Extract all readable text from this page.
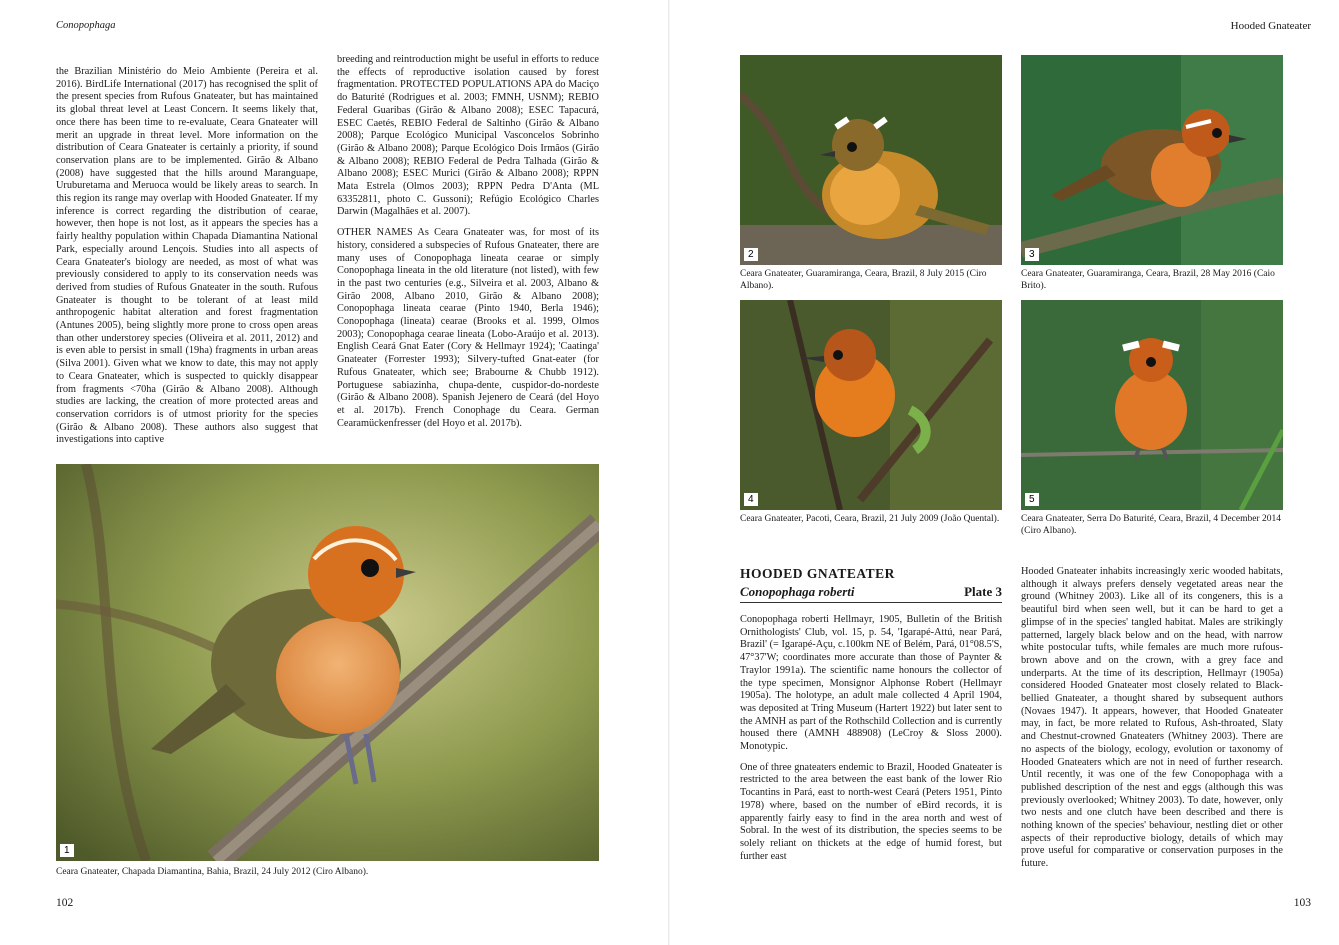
Conopophaga

the Brazilian Ministério do Meio Ambiente (Pereira et al. 2016). BirdLife International (2017) has recognised the split of the present species from Rufous Gnateater, but has maintained its global threat level at Least Concern. It seems likely that, once there has been time to re-evaluate, Ceara Gnateater will merit an upgrade in threat level. More information on the distribution of Ceara Gnateater is certainly a priority, if sound conservation plans are to be implemented. Girão & Albano (2008) have suggested that the hills around Maranguape, Uruburetama and Meruoca would be likely areas to search. In this region its range may overlap with Hooded Gnateater. If my inference is correct regarding the distribution of cearae, however, then hope is not lost, as it appears the species has a fairly healthy population within Chapada Diamantina National Park, especially around Lençois. Studies into all aspects of Ceara Gnateater's biology are needed, as most of what was previously considered to apply to its conservation needs was derived from studies of Rufous Gnateater in the south. Rufous Gnateater is thought to be tolerant of at least mild anthropogenic habitat alteration and forest fragmentation (Antunes 2005), being slightly more prone to cross open areas than other understorey species (Oliveira et al. 2011, 2012) and is even able to persist in small (19ha) fragments in urban areas (Silva 2001). Given what we know to date, this may not apply to Ceara Gnateater, which is suspected to quickly disappear from fragments <70ha (Girão & Albano 2008). Although studies are lacking, the creation of more protected areas and conservation corridors is of utmost priority for the species (Girão & Albano 2008). These authors also suggest that investigations into captive

breeding and reintroduction might be useful in efforts to reduce the effects of reproductive isolation caused by forest fragmentation. PROTECTED POPULATIONS APA do Maciço do Baturité (Rodrigues et al. 2003; FMNH, USNM); REBIO Federal Guaribas (Girão & Albano 2008); ESEC Tapacurá, ESEC Caetés, REBIO Federal de Saltinho (Girão & Albano 2008); Parque Ecológico Municipal Vasconcelos Sobrinho (Girão & Albano 2008); Parque Ecológico Dois Irmãos (Girão & Albano 2008); REBIO Federal de Pedra Talhada (Girão & Albano 2008); ESEC Murici (Girão & Albano 2008); RPPN Mata Estrela (Olmos 2003); RPPN Pedra D'Anta (ML 63352811, photo C. Gussoni); Refúgio Ecológico Charles Darwin (Magalhães et al. 2007).

OTHER NAMES As Ceara Gnateater was, for most of its history, considered a subspecies of Rufous Gnateater, there are many uses of Conopophaga lineata cearae or simply Conopophaga lineata in the old literature (not listed), with few in the past two centuries (e.g., Silveira et al. 2003, Albano & Girão 2008, Albano 2010, Girão & Albano 2008); Conopophaga lineata cearae (Pinto 1940, Berla 1946); Conopophaga (lineata) cearae (Brooks et al. 1999, Olmos 2003); Conopophaga cearae lineata (Lobo-Araújo et al. 2013). English Ceará Gnat Eater (Cory & Hellmayr 1924); 'Caatinga' Gnateater (Forrester 1993); Silvery-tufted Gnat-eater (for Rufous Gnateater, which see; Brabourne & Chubb 1912). Portuguese sabiazinha, chupa-dente, cuspidor-do-nordeste (Girão & Albano 2008). Spanish Jejenero de Ceará (del Hoyo et al. 2017b). French Conophage du Ceara. German Cearamückenfresser (del Hoyo et al. 2017b).

1
Ceara Gnateater, Chapada Diamantina, Bahia, Brazil, 24 July 2012 (Ciro Albano).
102
Hooded Gnateater
2
Ceara Gnateater, Guaramiranga, Ceara, Brazil, 8 July 2015 (Ciro Albano).
3
Ceara Gnateater, Guaramiranga, Ceara, Brazil, 28 May 2016 (Caio Brito).
4
Ceara Gnateater, Pacoti, Ceara, Brazil, 21 July 2009 (João Quental).
5
Ceara Gnateater, Serra Do Baturité, Ceara, Brazil, 4 December 2014 (Ciro Albano).

Conopophaga roberti Hellmayr, 1905, Bulletin of the British Ornithologists' Club, vol. 15, p. 54, 'Igarapé-Attú, near Pará, Brazil' (= Igarapé-Açu, c.100km NE of Belém, Pará, 01°08.5'S, 47°37'W; coordinates more accurate than those of Paynter & Traylor 1991a). The scientific name honours the collector of the type specimen, Monsignor Alphonse Robert (Hellmayr 1905a). The holotype, an adult male collected 4 April 1904, was deposited at Tring Museum (Hartert 1922) but later sent to the AMNH as part of the Rothschild Collection and is currently housed there (AMNH 488908) (LeCroy & Sloss 2000). Monotypic.

One of three gnateaters endemic to Brazil, Hooded Gnateater is restricted to the area between the east bank of the lower Rio Tocantins in Pará, east to north-west Ceará (Peters 1951, Pinto 1978) where, based on the number of eBird records, it is apparently fairly easy to find in the area north and west of Sobral. In the west of its distribution, the species seems to be solely reliant on thickets at the edge of humid forest, but further east

Hooded Gnateater inhabits increasingly xeric wooded habitats, although it always prefers densely vegetated areas near the ground (Whitney 2003). Like all of its congeners, this is a beautiful bird when seen well, but it can be hard to get a glimpse of in the species' tangled habitat. Males are strikingly patterned, largely black below and on the head, with narrow white postocular tufts, while females are much more rufous-brown above and on the crown, with a grey face and underparts. At the time of its description, Hellmayr (1905a) considered Hooded Gnateater most closely related to Black-bellied Gnateater, a thought shared by subsequent authors (Novaes 1947). It appears, however, that Hooded Gnateater may, in fact, be more related to Rufous, Ash-throated, Slaty and Chestnut-crowned Gnateaters (Whitney 2003). There are no aspects of the biology, ecology, evolution or taxonomy of Hooded Gnateaters which are not in need of further research. Until recently, it was one of the few Conopophaga with a published description of the nest and eggs (although this was previously overlooked; Whitney 2003). To date, however, only two nests and one clutch have been described and there is nothing known of the species' behaviour, nestling diet or other aspects of their reproductive biology, details of which may prove useful for comparative or conservation purposes in the future.

103
HOODED GNATEATER
Conopophaga roberti	Plate 3
